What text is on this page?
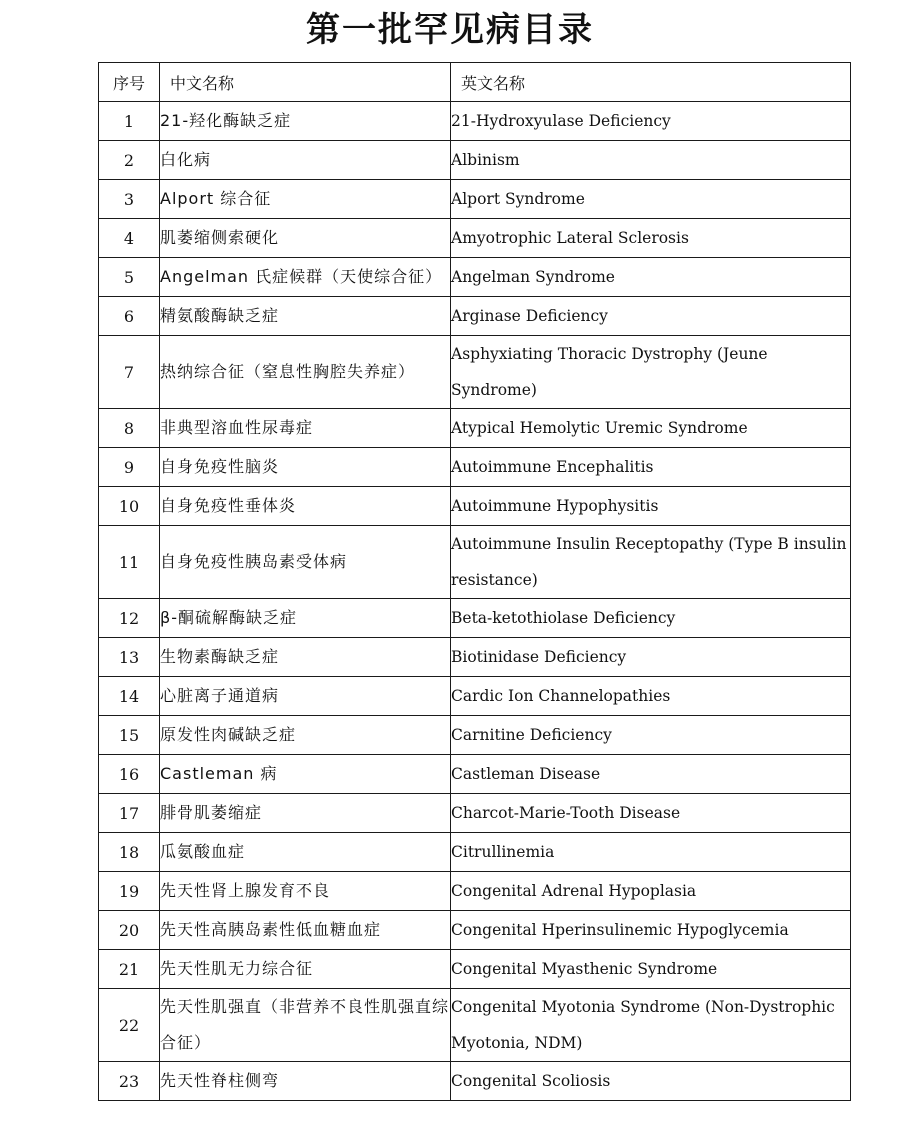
第一批罕见病目录
序号	中文名称	英文名称
1	21-羟化酶缺乏症	21-Hydroxyulase Deficiency
2	白化病	Albinism
3	Alport 综合征	Alport Syndrome
4	肌萎缩侧索硬化	Amyotrophic Lateral Sclerosis
5	Angelman 氏症候群（天使综合征）	Angelman Syndrome
6	精氨酸酶缺乏症	Arginase Deficiency
7	热纳综合征（窒息性胸腔失养症）	Asphyxiating Thoracic Dystrophy (Jeune Syndrome)
8	非典型溶血性尿毒症	Atypical Hemolytic Uremic Syndrome
9	自身免疫性脑炎	Autoimmune Encephalitis
10	自身免疫性垂体炎	Autoimmune Hypophysitis
11	自身免疫性胰岛素受体病	Autoimmune Insulin Receptopathy (Type B insulin resistance)
12	β-酮硫解酶缺乏症	Beta-ketothiolase Deficiency
13	生物素酶缺乏症	Biotinidase Deficiency
14	心脏离子通道病	Cardic Ion Channelopathies
15	原发性肉碱缺乏症	Carnitine Deficiency
16	Castleman 病	Castleman Disease
17	腓骨肌萎缩症	Charcot-Marie-Tooth Disease
18	瓜氨酸血症	Citrullinemia
19	先天性肾上腺发育不良	Congenital Adrenal Hypoplasia
20	先天性高胰岛素性低血糖血症	Congenital Hperinsulinemic Hypoglycemia
21	先天性肌无力综合征	Congenital Myasthenic Syndrome
22	先天性肌强直（非营养不良性肌强直综合征）	Congenital Myotonia Syndrome (Non-Dystrophic Myotonia, NDM)
23	先天性脊柱侧弯	Congenital Scoliosis
